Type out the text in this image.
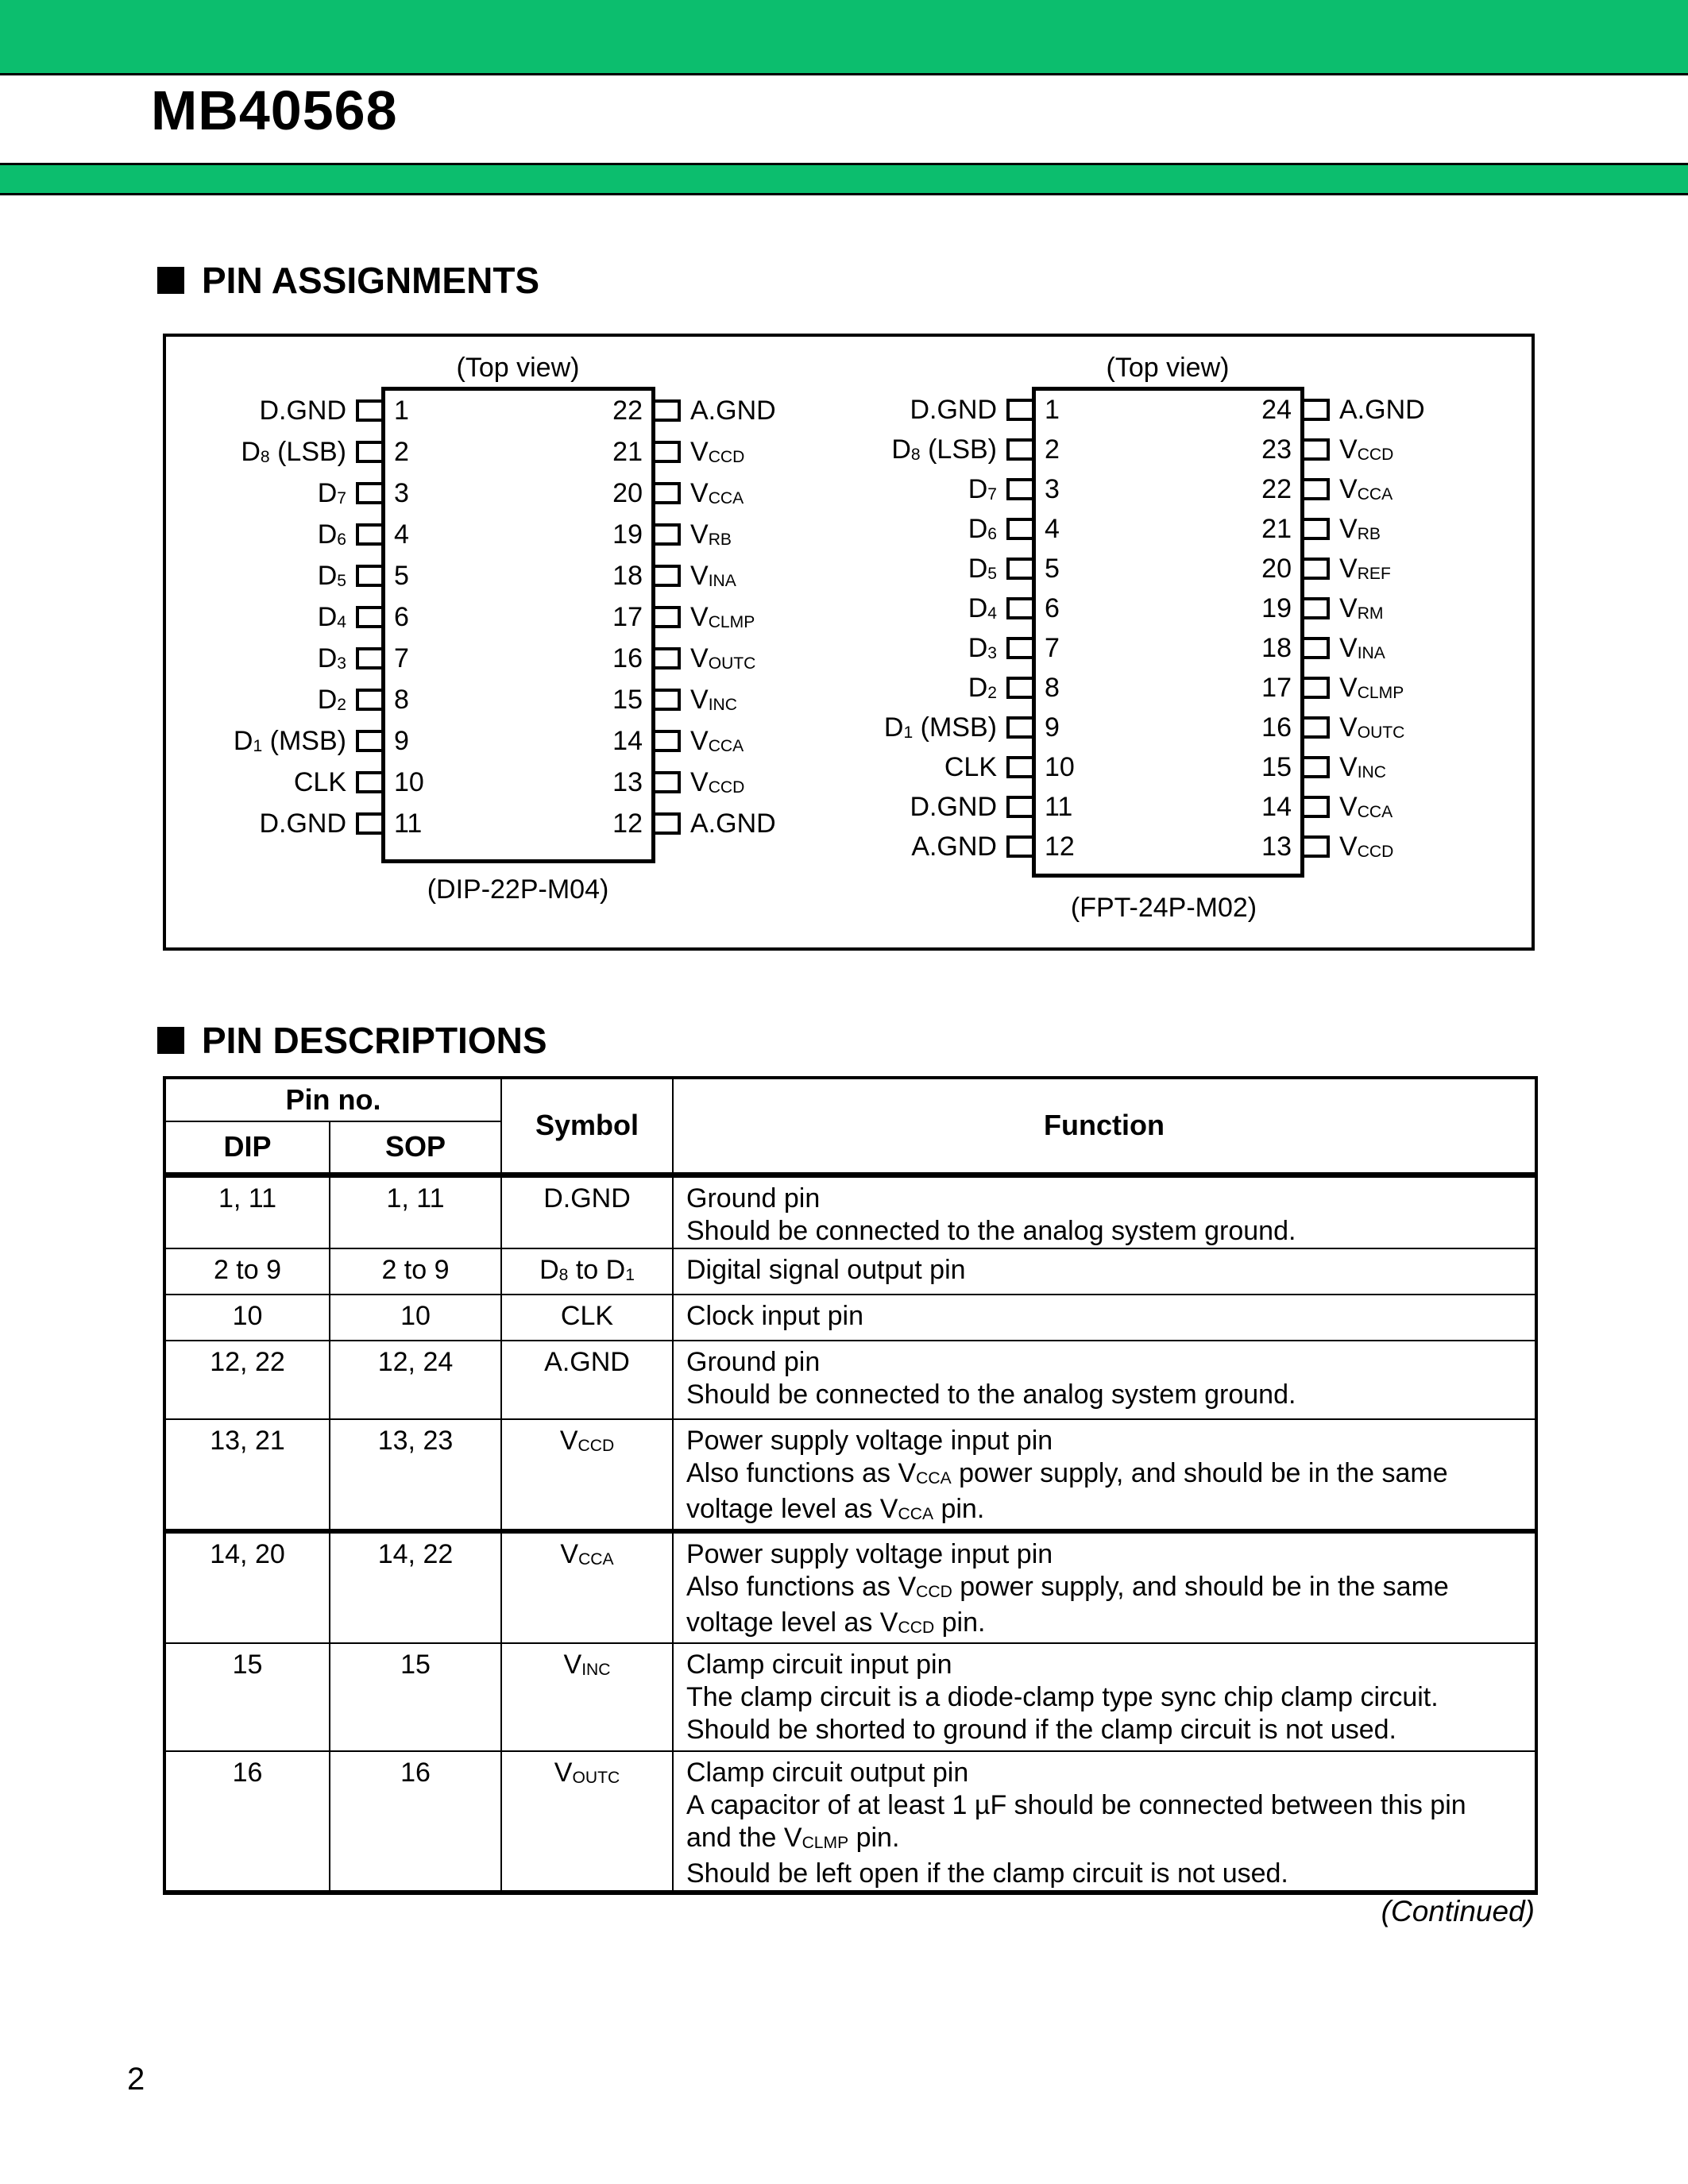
MB40568
PIN ASSIGNMENTS
(Top view)
(DIP-22P-M04)
(Top view)
(FPT-24P-M02)
D.GND 1
$D_8$ (LSB) 2
$D_7$ 3
$D_6$ 4
$D_5$ 5
$D_4$ 6
$D_3$ 7
$D_2$ 8
$D_1$ (MSB) 9
CLK 10
D.GND 11
22 A.GND
21 $V_{CCD}$
20 $V_{CCA}$
19 $V_{RB}$
18 $V_{INA}$
17 $V_{CLMP}$
16 $V_{OUTC}$
15 $V_{INC}$
14 $V_{CCA}$
13 $V_{CCD}$
12 A.GND
D.GND 1
$D_8$ (LSB) 2
$D_7$ 3
$D_6$ 4
$D_5$ 5
$D_4$ 6
$D_3$ 7
$D_2$ 8
$D_1$ (MSB) 9
CLK 10
D.GND 11
A.GND 12
24 A.GND
23 $V_{CCD}$
22 $V_{CCA}$
21 $V_{RB}$
20 $V_{REF}$
19 $V_{RM}$
18 $V_{INA}$
17 $V_{CLMP}$
16 $V_{OUTC}$
15 $V_{INC}$
14 $V_{CCA}$
13 $V_{CCD}$
PIN DESCRIPTIONS
Pin no.		Symbol	Function
DIP	SOP		
1, 11	1, 11	D.GND	Ground pin
Should be connected to the analog system ground.

2 to 9	2 to 9	$D_8$ to $D_1$	Digital signal output pin

10	10	CLK	Clock input pin

12, 22	12, 24	A.GND	Ground pin
Should be connected to the analog system ground.

13, 21	13, 23	$V_{CCD}$	Power supply voltage input pin
Also functions as $V_{CCA}$ power supply, and should be in the same
voltage level as $V_{CCA}$ pin.

14, 20	14, 22	$V_{CCA}$	Power supply voltage input pin
Also functions as $V_{CCD}$ power supply, and should be in the same
voltage level as $V_{CCD}$ pin.

15	15	$V_{INC}$	Clamp circuit input pin
The clamp circuit is a diode-clamp type sync chip clamp circuit.
Should be shorted to ground if the clamp circuit is not used.

16	16	$V_{OUTC}$	Clamp circuit output pin
A capacitor of at least 1 µF should be connected between this pin
and the $V_{CLMP}$ pin.
Should be left open if the clamp circuit is not used.
(Continued)
2
